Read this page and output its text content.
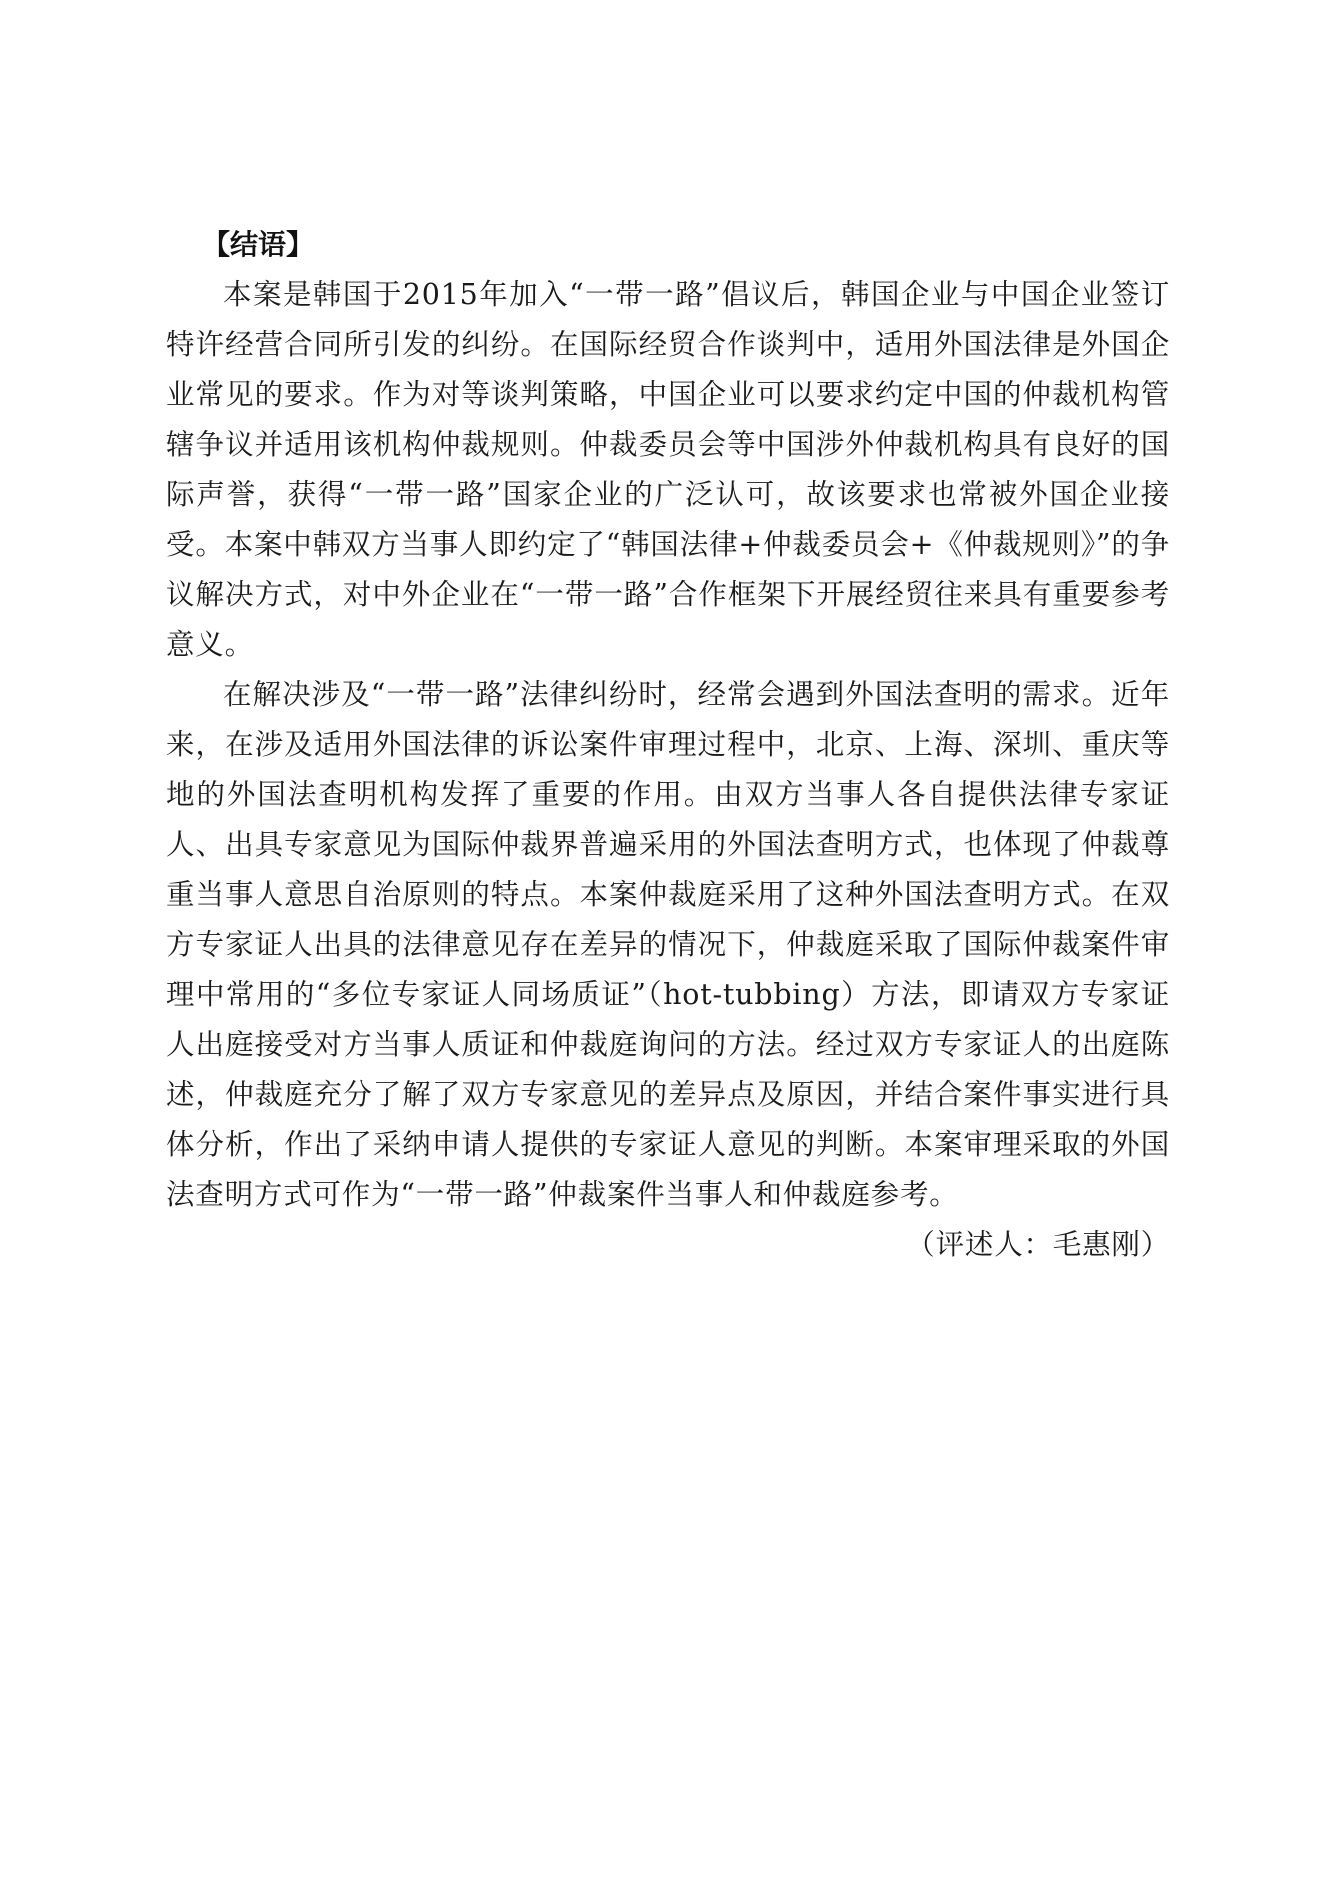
【结语】

本案是韩国于2015年加入“一带一路”倡议后，韩国企业与中国企业签订特许经营合同所引发的纠纷。在国际经贸合作谈判中，适用外国法律是外国企业常见的要求。作为对等谈判策略，中国企业可以要求约定中国的仲裁机构管辖争议并适用该机构仲裁规则。仲裁委员会等中国涉外仲裁机构具有良好的国际声誉，获得“一带一路”国家企业的广泛认可，故该要求也常被外国企业接受。本案中韩双方当事人即约定了“韩国法律+仲裁委员会+《仲裁规则》”的争议解决方式，对中外企业在“一带一路”合作框架下开展经贸往来具有重要参考意义。

在解决涉及“一带一路”法律纠纷时，经常会遇到外国法查明的需求。近年来，在涉及适用外国法律的诉讼案件审理过程中，北京、上海、深圳、重庆等地的外国法查明机构发挥了重要的作用。由双方当事人各自提供法律专家证人、出具专家意见为国际仲裁界普遍采用的外国法查明方式，也体现了仲裁尊重当事人意思自治原则的特点。本案仲裁庭采用了这种外国法查明方式。在双方专家证人出具的法律意见存在差异的情况下，仲裁庭采取了国际仲裁案件审理中常用的“多位专家证人同场质证”（hot-tubbing）方法，即请双方专家证人出庭接受对方当事人质证和仲裁庭询问的方法。经过双方专家证人的出庭陈述，仲裁庭充分了解了双方专家意见的差异点及原因，并结合案件事实进行具体分析，作出了采纳申请人提供的专家证人意见的判断。本案审理采取的外国法查明方式可作为“一带一路”仲裁案件当事人和仲裁庭参考。

（评述人：毛惠刚）
